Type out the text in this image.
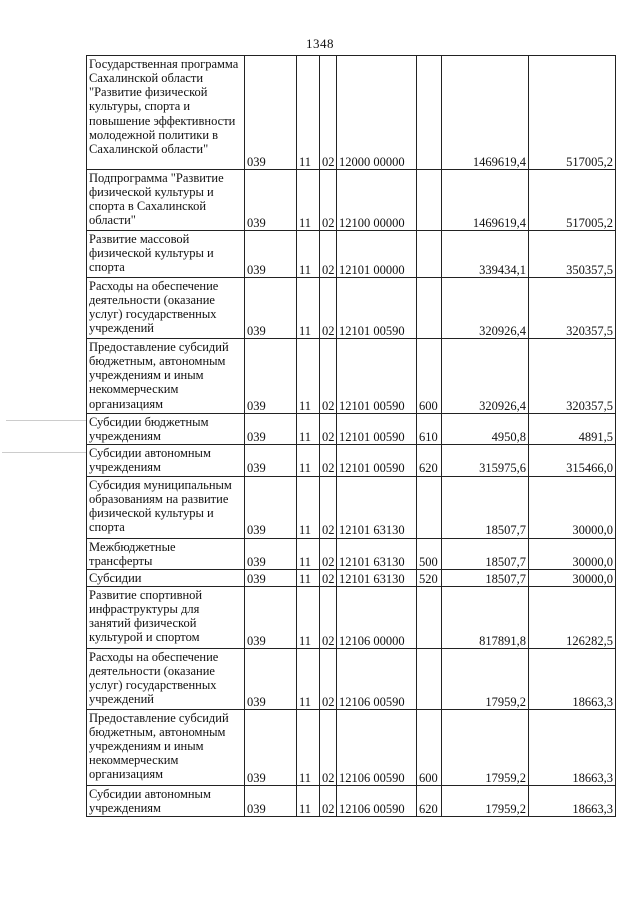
1348
Государственная программа Сахалинской области "Развитие физической культуры, спорта и повышение эффективности молодежной политики в Сахалинской области"	039	11	02	12000 00000		1469619,4	517005,2
Подпрограмма "Развитие физической культуры и спорта в Сахалинской области"	039	11	02	12100 00000		1469619,4	517005,2
Развитие массовой физической культуры и спорта	039	11	02	12101 00000		339434,1	350357,5
Расходы на обеспечение деятельности (оказание услуг) государственных учреждений	039	11	02	12101 00590		320926,4	320357,5
Предоставление субсидий бюджетным, автономным учреждениям и иным некоммерческим организациям	039	11	02	12101 00590	600	320926,4	320357,5
Субсидии бюджетным учреждениям	039	11	02	12101 00590	610	4950,8	4891,5
Субсидии автономным учреждениям	039	11	02	12101 00590	620	315975,6	315466,0
Субсидия муниципальным образованиям на развитие физической культуры и спорта	039	11	02	12101 63130		18507,7	30000,0
Межбюджетные трансферты	039	11	02	12101 63130	500	18507,7	30000,0
Субсидии	039	11	02	12101 63130	520	18507,7	30000,0
Развитие спортивной инфраструктуры для занятий физической культурой и спортом	039	11	02	12106 00000		817891,8	126282,5
Расходы на обеспечение деятельности (оказание услуг) государственных учреждений	039	11	02	12106 00590		17959,2	18663,3
Предоставление субсидий бюджетным, автономным учреждениям и иным некоммерческим организациям	039	11	02	12106 00590	600	17959,2	18663,3
Субсидии автономным учреждениям	039	11	02	12106 00590	620	17959,2	18663,3
